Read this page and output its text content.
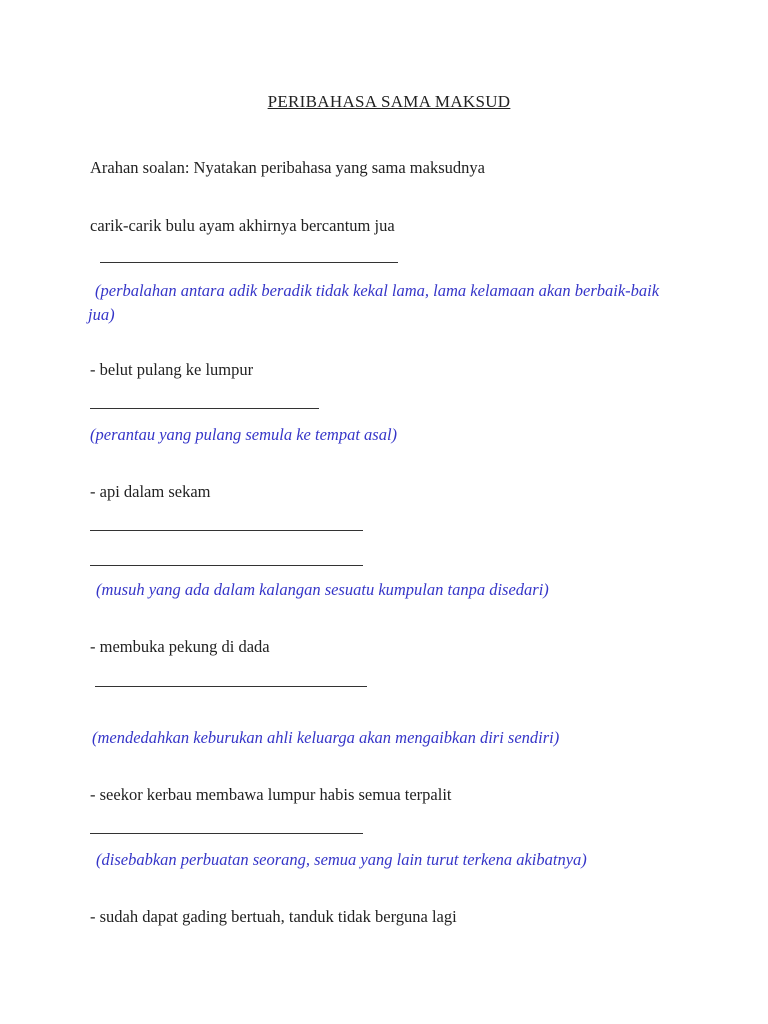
PERIBAHASA SAMA MAKSUD
Arahan soalan: Nyatakan peribahasa yang sama maksudnya
carik-carik bulu ayam akhirnya bercantum jua
(perbalahan antara adik beradik tidak kekal lama, lama kelamaan akan berbaik-baik jua)
- belut pulang ke lumpur
(perantau yang pulang semula ke tempat asal)
- api dalam sekam
(musuh yang ada dalam kalangan sesuatu kumpulan tanpa disedari)
- membuka pekung di dada
(mendedahkan keburukan ahli keluarga akan mengaibkan diri sendiri)
- seekor kerbau membawa lumpur habis semua terpalit
(disebabkan perbuatan seorang, semua yang lain turut terkena akibatnya)
- sudah dapat gading bertuah, tanduk tidak berguna lagi
